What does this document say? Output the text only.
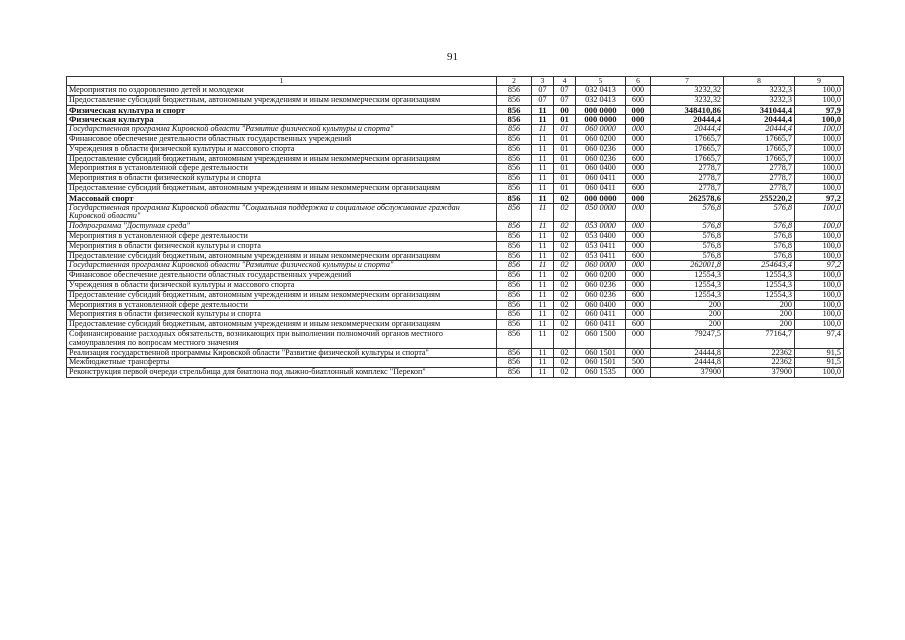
91
1	2	3	4	5	6	7	8	9
Мероприятия по оздоровлению детей и молодежи	856	07	07	032 0413	000	3232,32	3232,3	100,0
Предоставление субсидий бюджетным, автономным учреждениям и иным некоммерческим организациям	856	07	07	032 0413	600	3232,32	3232,3	100,0
Физическая культура и спорт	856	11	00	000 0000	000	348410,86	341044,4	97,9
Физическая культура	856	11	01	000 0000	000	20444,4	20444,4	100,0
Государственная программа Кировской области "Развитие физической культуры и спорта"	856	11	01	060 0000	000	20444,4	20444,4	100,0
Финансовое обеспечение деятельности областных государственных учреждений	856	11	01	060 0200	000	17665,7	17665,7	100,0
Учреждения в области физической культуры и массового спорта	856	11	01	060 0236	000	17665,7	17665,7	100,0
Предоставление субсидий бюджетным, автономным учреждениям и иным некоммерческим организациям	856	11	01	060 0236	600	17665,7	17665,7	100,0
Мероприятия в установленной сфере деятельности	856	11	01	060 0400	000	2778,7	2778,7	100,0
Мероприятия в области физической культуры и спорта	856	11	01	060 0411	000	2778,7	2778,7	100,0
Предоставление субсидий бюджетным, автономным учреждениям и иным некоммерческим организациям	856	11	01	060 0411	600	2778,7	2778,7	100,0
Массовый спорт	856	11	02	000 0000	000	262578,6	255220,2	97,2
Государственная программа Кировской области "Социальная поддержка и социальное обслуживание граждан Кировской области"	856	11	02	050 0000	000	576,8	576,8	100,0
Подпрограмма "Доступная среда"	856	11	02	053 0000	000	576,8	576,8	100,0
Мероприятия в установленной сфере деятельности	856	11	02	053 0400	000	576,8	576,8	100,0
Мероприятия в области физической культуры и спорта	856	11	02	053 0411	000	576,8	576,8	100,0
Предоставление субсидий бюджетным, автономным учреждениям и иным некоммерческим организациям	856	11	02	053 0411	600	576,8	576,8	100,0
Государственная программа Кировской области "Развитие физической культуры и спорта"	856	11	02	060 0000	000	262001,8	254643,4	97,2
Финансовое обеспечение деятельности областных государственных учреждений	856	11	02	060 0200	000	12554,3	12554,3	100,0
Учреждения в области физической культуры и массового спорта	856	11	02	060 0236	000	12554,3	12554,3	100,0
Предоставление субсидий бюджетным, автономным учреждениям и иным некоммерческим организациям	856	11	02	060 0236	600	12554,3	12554,3	100,0
Мероприятия в установленной сфере деятельности	856	11	02	060 0400	000	200	200	100,0
Мероприятия в области физической культуры и спорта	856	11	02	060 0411	000	200	200	100,0
Предоставление субсидий бюджетным, автономным учреждениям и иным некоммерческим организациям	856	11	02	060 0411	600	200	200	100,0
Софинансирование расходных обязательств, возникающих при выполнении полномочий органов местного самоуправления по вопросам местного значения	856	11	02	060 1500	000	79247,5	77164,7	97,4
Реализация государственной программы Кировской области "Развитие физической культуры и спорта"	856	11	02	060 1501	000	24444,8	22362	91,5
Межбюджетные трансферты	856	11	02	060 1501	500	24444,8	22362	91,5
Реконструкция первой очереди стрельбища для биатлона под лыжно-биатлонный комплекс "Перекоп"	856	11	02	060 1535	000	37900	37900	100,0
